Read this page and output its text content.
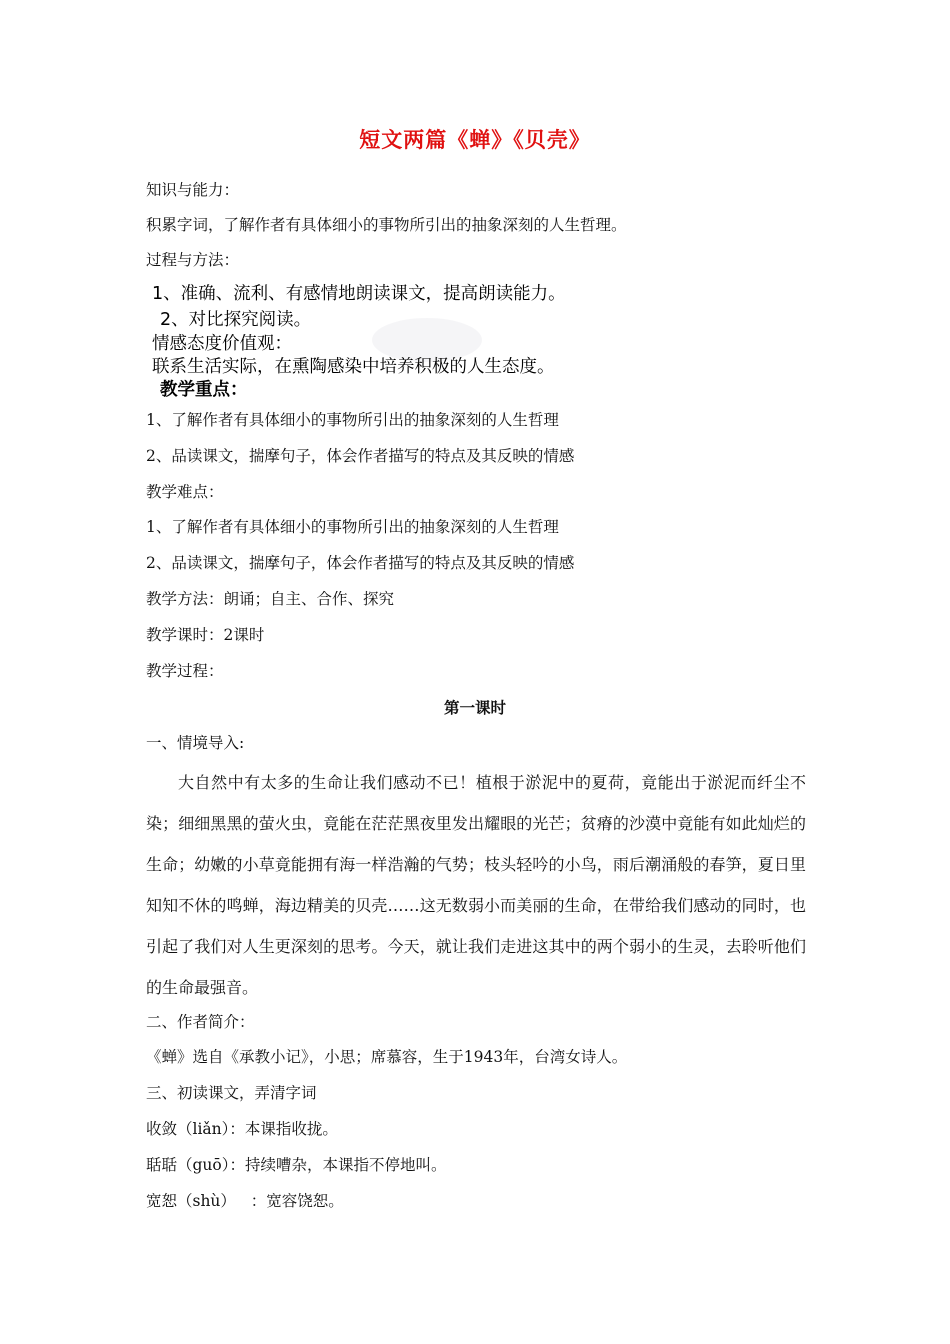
短文两篇《蝉》《贝壳》
知识与能力：
积累字词，了解作者有具体细小的事物所引出的抽象深刻的人生哲理。
过程与方法：
1、准确、流利、有感情地朗读课文，提高朗读能力。
2、对比探究阅读。
情感态度价值观：
联系生活实际，在熏陶感染中培养积极的人生态度。
教学重点：
1、了解作者有具体细小的事物所引出的抽象深刻的人生哲理
2、品读课文，揣摩句子，体会作者描写的特点及其反映的情感
教学难点：
1、了解作者有具体细小的事物所引出的抽象深刻的人生哲理
2、品读课文，揣摩句子，体会作者描写的特点及其反映的情感
教学方法：朗诵；自主、合作、探究
教学课时：2课时
教学过程：
第一课时
一、情境导入:

大自然中有太多的生命让我们感动不已！植根于淤泥中的夏荷，竟能出于淤泥而纤尘不染；细细黑黑的萤火虫，竟能在茫茫黑夜里发出耀眼的光芒；贫瘠的沙漠中竟能有如此灿烂的生命；幼嫩的小草竟能拥有海一样浩瀚的气势；枝头轻吟的小鸟，雨后潮涌般的春笋，夏日里知知不休的鸣蝉，海边精美的贝壳……这无数弱小而美丽的生命，在带给我们感动的同时，也引起了我们对人生更深刻的思考。今天，就让我们走进这其中的两个弱小的生灵，去聆听他们的生命最强音。

二、作者简介：
《蝉》选自《承教小记》，小思；席慕容，生于1943年，台湾女诗人。
三、初读课文，弄清字词
收敛（liǎn）：本课指收拢。
聒聒（guō）：持续嘈杂，本课指不停地叫。
宽恕（shù）   ：宽容饶恕。
